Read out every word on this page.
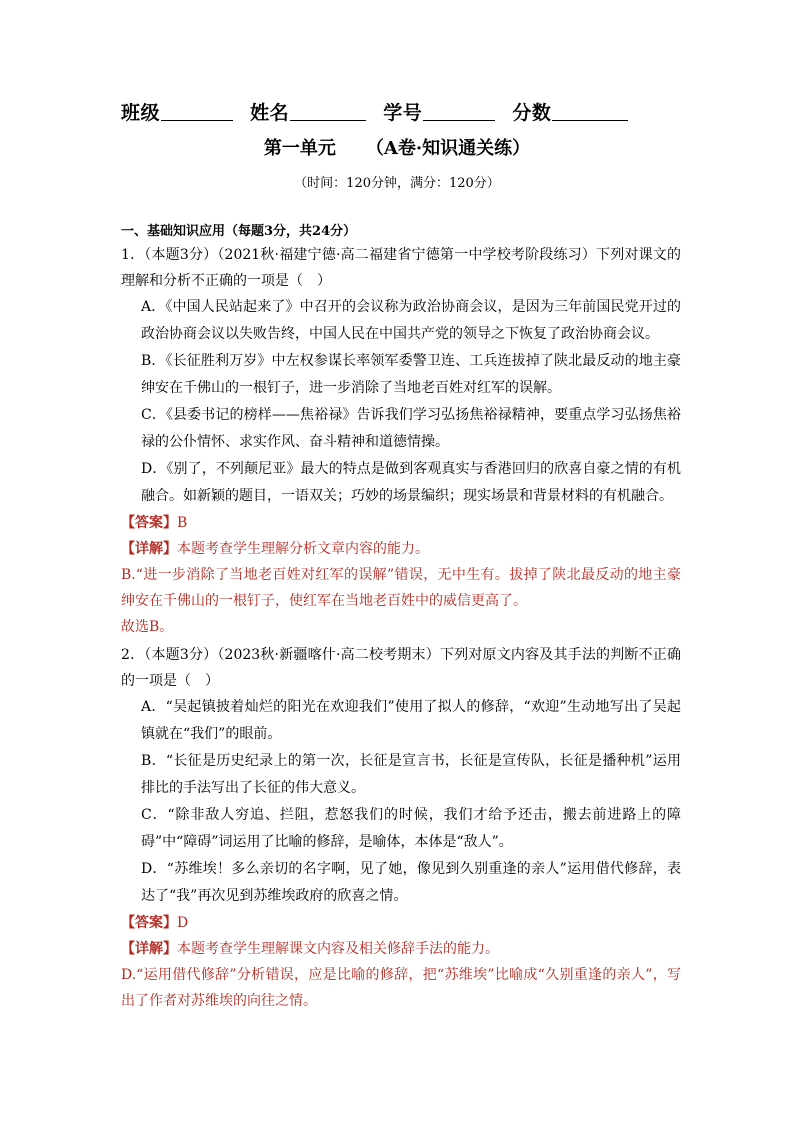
班级	姓名	学号	分数
第一单元 （A卷·知识通关练）
（时间：120分钟，满分：120分）

一、基础知识应用（每题3分，共24分）

1．（本题3分）（2021秋·福建宁德·高二福建省宁德第一中学校考阶段练习）下列对课文的理解和分析不正确的一项是（　）

A．《中国人民站起来了》中召开的会议称为政治协商会议，是因为三年前国民党开过的政治协商会议以失败告终，中国人民在中国共产党的领导之下恢复了政治协商会议。

B．《长征胜利万岁》中左权参谋长率领军委警卫连、工兵连拔掉了陕北最反动的地主豪绅安在千佛山的一根钉子，进一步消除了当地老百姓对红军的误解。

C．《县委书记的榜样——焦裕禄》告诉我们学习弘扬焦裕禄精神，要重点学习弘扬焦裕禄的公仆情怀、求实作风、奋斗精神和道德情操。

D．《别了，不列颠尼亚》最大的特点是做到客观真实与香港回归的欣喜自豪之情的有机融合。如新颖的题目，一语双关；巧妙的场景编织；现实场景和背景材料的有机融合。

【答案】B

【详解】本题考查学生理解分析文章内容的能力。

B.“进一步消除了当地老百姓对红军的误解”错误，无中生有。拔掉了陕北最反动的地主豪绅安在千佛山的一根钉子，使红军在当地老百姓中的威信更高了。

故选B。

2．（本题3分）（2023秋·新疆喀什·高二校考期末）下列对原文内容及其手法的判断不正确的一项是（　）

A．“吴起镇披着灿烂的阳光在欢迎我们”使用了拟人的修辞，“欢迎”生动地写出了吴起镇就在“我们”的眼前。

B．“长征是历史纪录上的第一次，长征是宣言书，长征是宣传队，长征是播种机”运用排比的手法写出了长征的伟大意义。

C．“除非敌人穷追、拦阻，惹怒我们的时候，我们才给予还击，搬去前进路上的障碍”中“障碍”词运用了比喻的修辞，是喻体，本体是“敌人”。

D．“苏维埃！多么亲切的名字啊，见了她，像见到久别重逢的亲人”运用借代修辞，表达了“我”再次见到苏维埃政府的欣喜之情。

【答案】D

【详解】本题考查学生理解课文内容及相关修辞手法的能力。

D.“运用借代修辞”分析错误，应是比喻的修辞，把“苏维埃”比喻成“久别重逢的亲人”，写出了作者对苏维埃的向往之情。
